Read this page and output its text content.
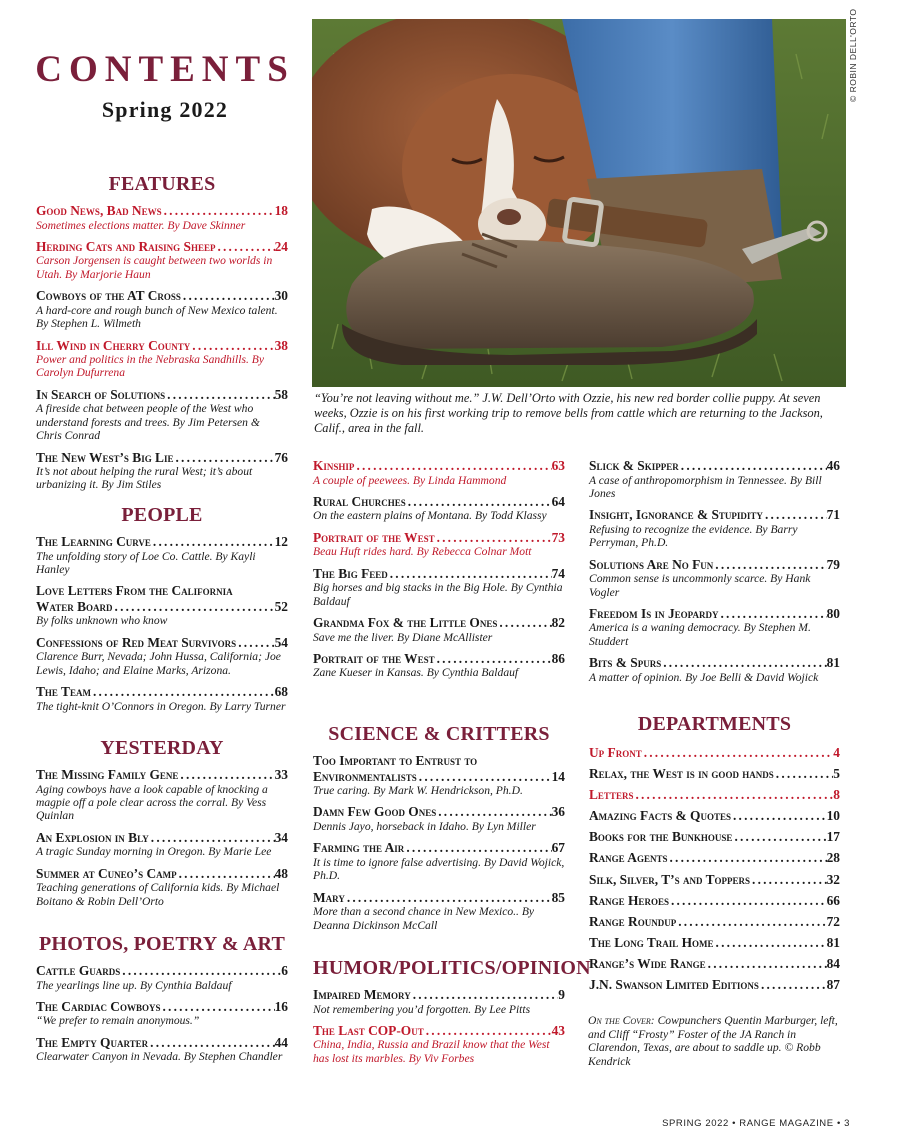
CONTENTS
Spring 2022
FEATURES
Good News, Bad News .....	18
Sometimes elections matter. By Dave Skinner
Herding Cats and Raising Sheep .....	24
Carson Jorgensen is caught between two worlds in Utah. By Marjorie Haun
Cowboys of the AT Cross .....	30
A hard-core and rough bunch of New Mexico talent. By Stephen L. Wilmeth
Ill Wind in Cherry County .....	38
Power and politics in the Nebraska Sandhills. By Carolyn Dufurrena
In Search of Solutions .....	58
A fireside chat between people of the West who understand forests and trees. By Jim Petersen & Chris Conrad
The New West’s Big Lie .....	76
It’s not about helping the rural West; it’s about urbanizing it. By Jim Stiles
PEOPLE
The Learning Curve .....	12
The unfolding story of Loe Co. Cattle. By Kayli Hanley
Love Letters From the California
Water Board .....	52
By folks unknown who know
Confessions of Red Meat Survivors .....	54
Clarence Burr, Nevada; John Hussa, California; Joe Lewis, Idaho; and Elaine Marks, Arizona.
The Team .....	68
The tight-knit O’Connors in Oregon. By Larry Turner
YESTERDAY
The Missing Family Gene .....	33
Aging cowboys have a look capable of knocking a magpie off a pole clear across the corral. By Vess Quinlan
An Explosion in Bly .....	34
A tragic Sunday morning in Oregon. By Marie Lee
Summer at Cuneo’s Camp .....	48
Teaching generations of California kids. By Michael Boitano & Robin Dell’Orto
PHOTOS, POETRY & ART
Cattle Guards .....	6
The yearlings line up. By Cynthia Baldauf
The Cardiac Cowboys .....	16
“We prefer to remain anonymous.”
The Empty Quarter .....	44
Clearwater Canyon in Nevada. By Stephen Chandler
© ROBIN DELL'ORTO
“You’re not leaving without me.” J.W. Dell’Orto with Ozzie, his new red border collie puppy. At seven weeks, Ozzie is on his first working trip to remove bells from cattle which are returning to the Jackson, Calif., area in the fall.
Kinship .....	63
A couple of peewees. By Linda Hammond
Rural Churches .....	64
On the eastern plains of Montana. By Todd Klassy
Portrait of the West .....	73
Beau Huft rides hard. By Rebecca Colnar Mott
The Big Feed .....	74
Big horses and big stacks in the Big Hole. By Cynthia Baldauf
Grandma Fox & the Little Ones .....	82
Save me the liver. By Diane McAllister
Portrait of the West .....	86
Zane Kueser in Kansas. By Cynthia Baldauf
SCIENCE & CRITTERS
Too Important to Entrust to
Environmentalists .....	14
True caring. By Mark W. Hendrickson, Ph.D.
Damn Few Good Ones .....	36
Dennis Jayo, horseback in Idaho. By Lyn Miller
Farming the Air .....	67
It is time to ignore false advertising. By David Wojick, Ph.D.
Mary .....	85
More than a second chance in New Mexico.. By Deanna Dickinson McCall
HUMOR/POLITICS/OPINION
Impaired Memory .....	9
Not remembering you’d forgotten. By Lee Pitts
The Last COP-Out .....	43
China, India, Russia and Brazil know that the West has lost its marbles. By Viv Forbes
Slick & Skipper .....	46
A case of anthropomorphism in Tennessee. By Bill Jones
Insight, Ignorance & Stupidity .....	71
Refusing to recognize the evidence. By Barry Perryman, Ph.D.
Solutions Are No Fun .....	79
Common sense is uncommonly scarce. By Hank Vogler
Freedom Is in Jeopardy .....	80
America is a waning democracy. By Stephen M. Studdert
Bits & Spurs .....	81
A matter of opinion. By Joe Belli & David Wojick
DEPARTMENTS
Up Front .....	4
Relax, the West is in good hands .....	5
Letters .....	8
Amazing Facts & Quotes .....	10
Books for the Bunkhouse .....	17
Range Agents .....	28
Silk, Silver, T’s and Toppers .....	32
Range Heroes .....	66
Range Roundup .....	72
The Long Trail Home .....	81
Range’s Wide Range .....	84
J.N. Swanson Limited Editions .....	87
On the Cover: Cowpunchers Quentin Marburger, left, and Cliff “Frosty” Foster of the JA Ranch in Clarendon, Texas, are about to saddle up. © Robb Kendrick
SPRING 2022 • RANGE MAGAZINE • 3
